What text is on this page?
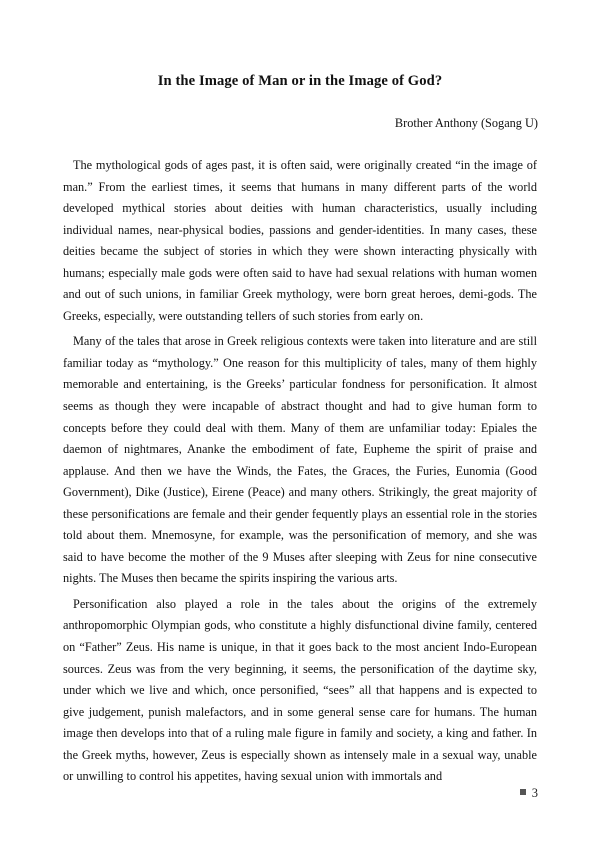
In the Image of Man or in the Image of God?
Brother Anthony (Sogang U)

The mythological gods of ages past, it is often said, were originally created “in the image of man.” From the earliest times, it seems that humans in many different parts of the world developed mythical stories about deities with human characteristics, usually including individual names, near-physical bodies, passions and gender-identities. In many cases, these deities became the subject of stories in which they were shown interacting physically with humans; especially male gods were often said to have had sexual relations with human women and out of such unions, in familiar Greek mythology, were born great heroes, demi-gods. The Greeks, especially, were outstanding tellers of such stories from early on.

Many of the tales that arose in Greek religious contexts were taken into literature and are still familiar today as “mythology.” One reason for this multiplicity of tales, many of them highly memorable and entertaining, is the Greeks’ particular fondness for personification. It almost seems as though they were incapable of abstract thought and had to give human form to concepts before they could deal with them. Many of them are unfamiliar today: Epiales the daemon of nightmares, Ananke the embodiment of fate, Eupheme the spirit of praise and applause. And then we have the Winds, the Fates, the Graces, the Furies, Eunomia (Good Government), Dike (Justice), Eirene (Peace) and many others. Strikingly, the great majority of these personifications are female and their gender fequently plays an essential role in the stories told about them. Mnemosyne, for example, was the personification of memory, and she was said to have become the mother of the 9 Muses after sleeping with Zeus for nine consecutive nights. The Muses then became the spirits inspiring the various arts.

Personification also played a role in the tales about the origins of the extremely anthropomorphic Olympian gods, who constitute a highly disfunctional divine family, centered on “Father” Zeus. His name is unique, in that it goes back to the most ancient Indo-European sources. Zeus was from the very beginning, it seems, the personification of the daytime sky, under which we live and which, once personified, “sees” all that happens and is expected to give judgement, punish malefactors, and in some general sense care for humans. The human image then develops into that of a ruling male figure in family and society, a king and father. In the Greek myths, however, Zeus is especially shown as intensely male in a sexual way, unable or unwilling to control his appetites, having sexual union with immortals and

3
